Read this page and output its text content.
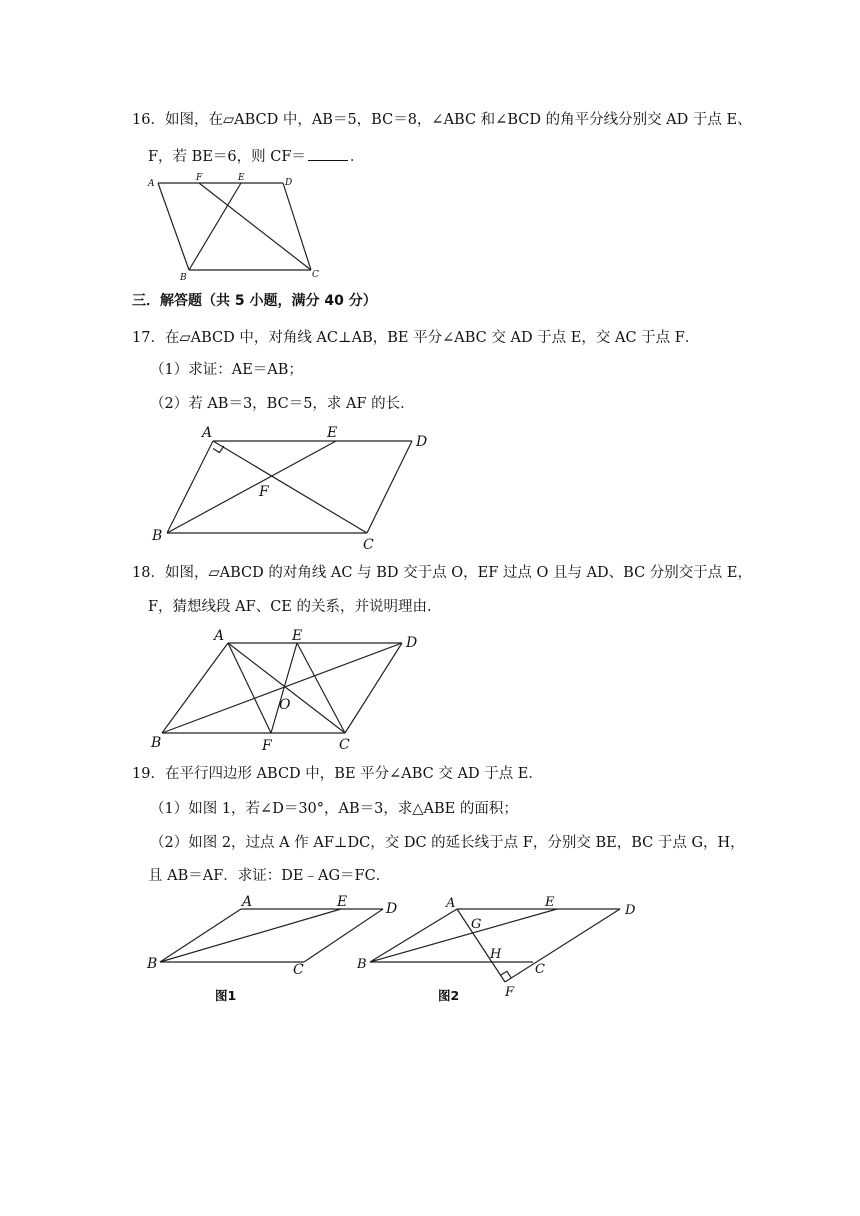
16．如图，在▱ABCD 中，AB＝5，BC＝8，∠ABC 和∠BCD 的角平分线分别交 AD 于点 E、
F，若 BE＝6，则 CF＝	．
A
F	E	D
B	C
三．解答题（共 5 小题，满分 40 分）
17．在▱ABCD 中，对角线 AC⊥AB，BE 平分∠ABC 交 AD 于点 E，交 AC 于点 F．
（1）求证：AE＝AB；
（2）若 AB＝3，BC＝5，求 AF 的长．
A	E
D
F
B
C
18．如图，▱ABCD 的对角线 AC 与 BD 交于点 O，EF 过点 O 且与 AD、BC 分别交于点 E，
F，猜想线段 AF、CE 的关系，并说明理由．
A	E	D
O
B	F	C
19．在平行四边形 ABCD 中，BE 平分∠ABC 交 AD 于点 E．
（1）如图 1，若∠D＝30°，AB＝3，求△ABE 的面积；
（2）如图 2，过点 A 作 AF⊥DC，交 DC 的延长线于点 F，分别交 BE，BC 于点 G，H，
且 AB＝AF．求证：DE﹣AG＝FC．
A	E	D
B	C
图1
A
G
E
D
H
B	C
F
图2
